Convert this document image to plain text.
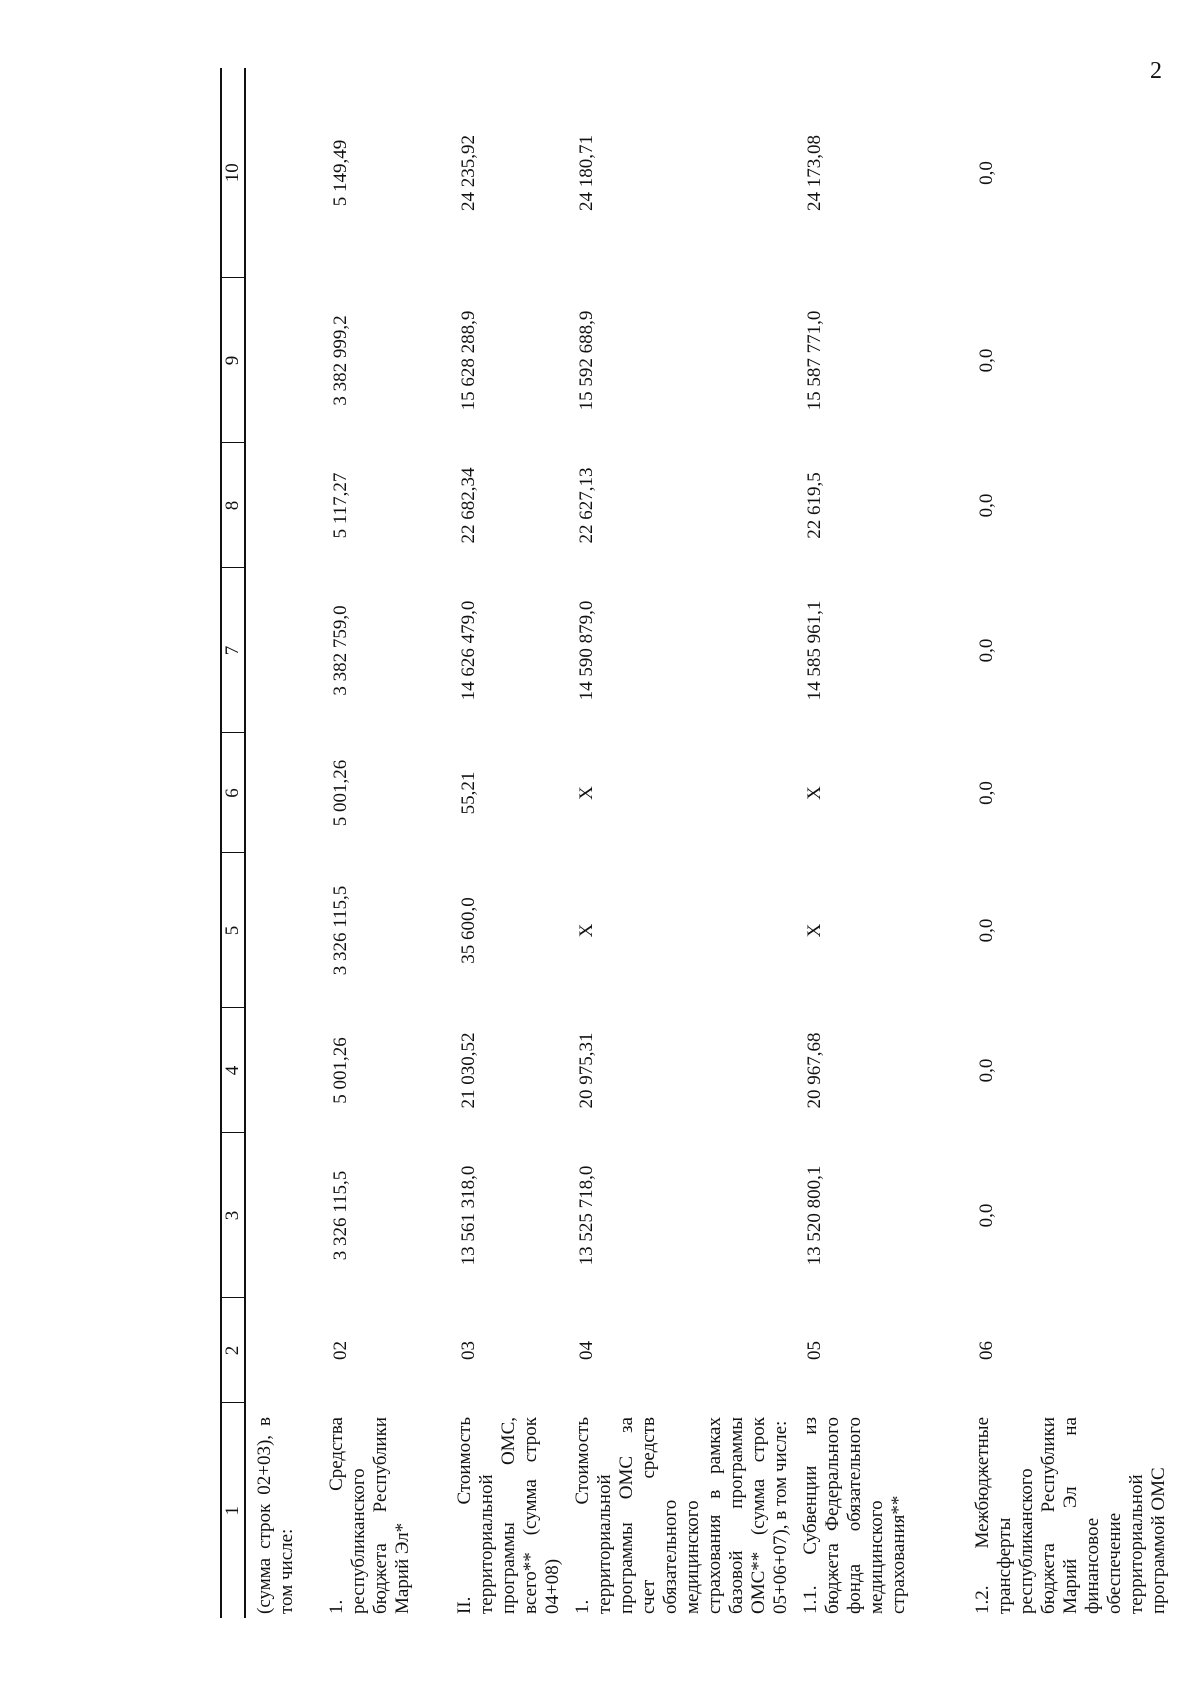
2
1	2	3	4	5	6	7	8	9	10
(сумма строк 02+03), в том числе:									
1. Средства республиканского бюджета Республики Марий Эл*	02	3 326 115,5	5 001,26	3 326 115,5	5 001,26	3 382 759,0	5 117,27	3 382 999,2	5 149,49
II. Стоимость территориальной программы ОМС, всего** (сумма строк 04+08)	03	13 561 318,0	21 030,52	35 600,0	55,21	14 626 479,0	22 682,34	15 628 288,9	24 235,92
1. Стоимость территориальной программы ОМС за счет средств обязательного медицинского страхования в рамках базовой программы ОМС** (сумма строк 05+06+07), в том числе:	04	13 525 718,0	20 975,31	X	X	14 590 879,0	22 627,13	15 592 688,9	24 180,71
1.1. Субвенции из бюджета Федерального фонда обязательного медицинского страхования**	05	13 520 800,1	20 967,68	X	X	14 585 961,1	22 619,5	15 587 771,0	24 173,08
1.2. Межбюджетные трансферты республиканского бюджета Республики Марий Эл на финансовое обеспечение территориальной программой ОМС	06	0,0	0,0	0,0	0,0	0,0	0,0	0,0	0,0
